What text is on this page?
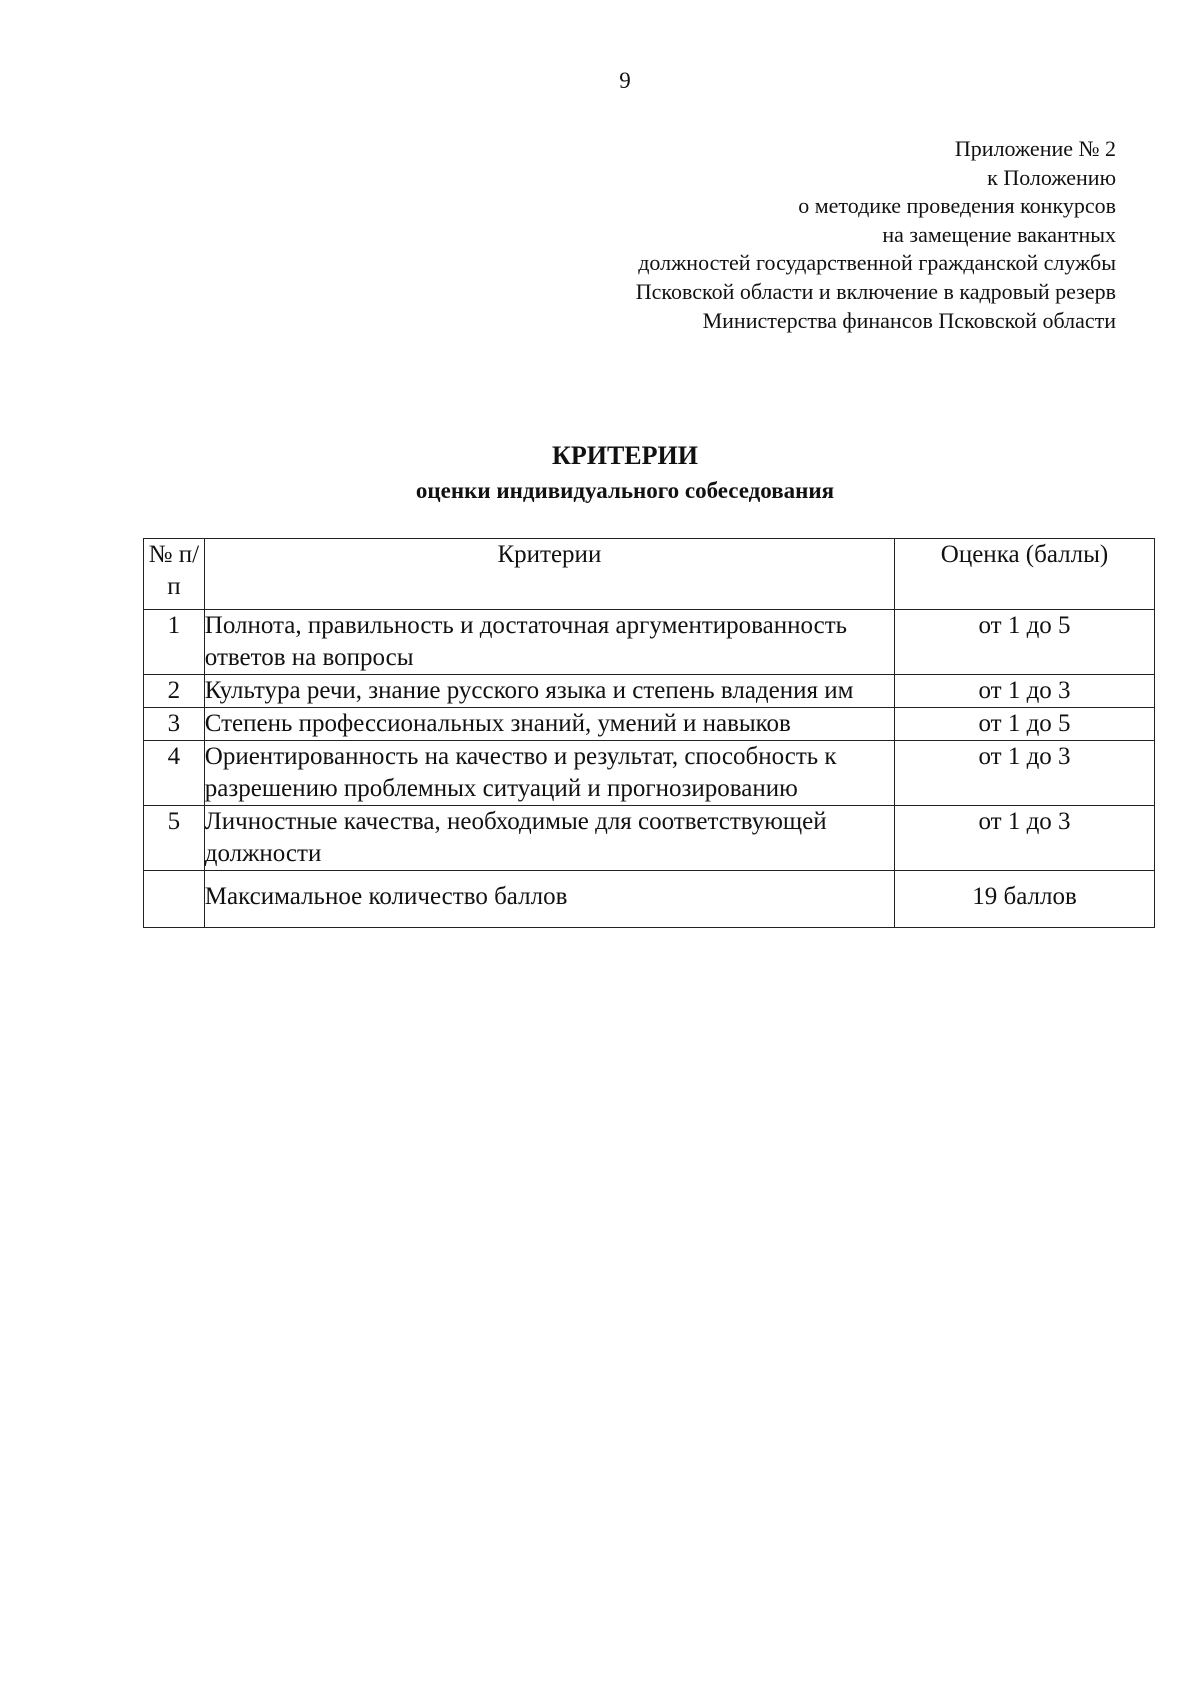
9
Приложение № 2
к Положению
о методике проведения конкурсов
на замещение вакантных
должностей государственной гражданской службы
Псковской области и включение в кадровый резерв
Министерства финансов Псковской области
КРИТЕРИИ
оценки индивидуального собеседования
№ п/п	Критерии	Оценка (баллы)
1	Полнота, правильность и достаточная аргументированность ответов на вопросы	от 1 до 5
2	Культура речи, знание русского языка и степень владения им	от 1 до 3
3	Степень профессиональных знаний, умений и навыков	от 1 до 5
4	Ориентированность на качество и результат, способность к разрешению проблемных ситуаций и прогнозированию	от 1 до 3
5	Личностные качества, необходимые для соответствующей должности	от 1 до 3
	Максимальное количество баллов	19 баллов
